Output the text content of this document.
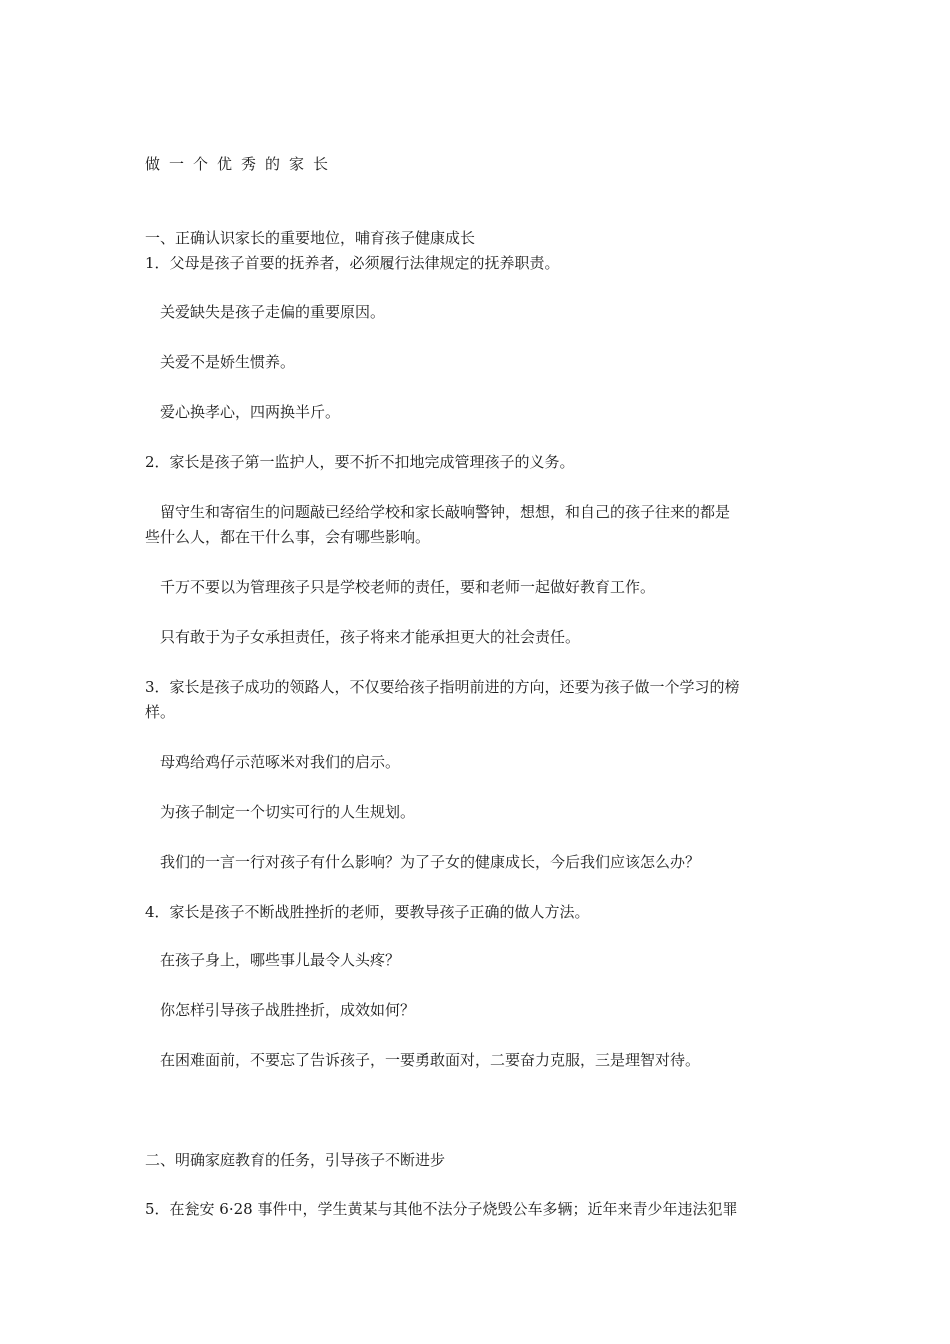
做一个优秀的家长
一、正确认识家长的重要地位，哺育孩子健康成长
1．父母是孩子首要的抚养者，必须履行法律规定的抚养职责。
关爱缺失是孩子走偏的重要原因。
关爱不是娇生惯养。
爱心换孝心，四两换半斤。
2．家长是孩子第一监护人，要不折不扣地完成管理孩子的义务。
留守生和寄宿生的问题敲已经给学校和家长敲响警钟，想想，和自己的孩子往来的都是
些什么人，都在干什么事，会有哪些影响。
千万不要以为管理孩子只是学校老师的责任，要和老师一起做好教育工作。
只有敢于为子女承担责任，孩子将来才能承担更大的社会责任。
3．家长是孩子成功的领路人，不仅要给孩子指明前进的方向，还要为孩子做一个学习的榜
样。
母鸡给鸡仔示范啄米对我们的启示。
为孩子制定一个切实可行的人生规划。
我们的一言一行对孩子有什么影响？为了子女的健康成长，今后我们应该怎么办？
4．家长是孩子不断战胜挫折的老师，要教导孩子正确的做人方法。
在孩子身上，哪些事儿最令人头疼？
你怎样引导孩子战胜挫折，成效如何？
在困难面前，不要忘了告诉孩子，一要勇敢面对，二要奋力克服，三是理智对待。
二、明确家庭教育的任务，引导孩子不断进步
5．在瓮安 6·28 事件中，学生黄某与其他不法分子烧毁公车多辆；近年来青少年违法犯罪
